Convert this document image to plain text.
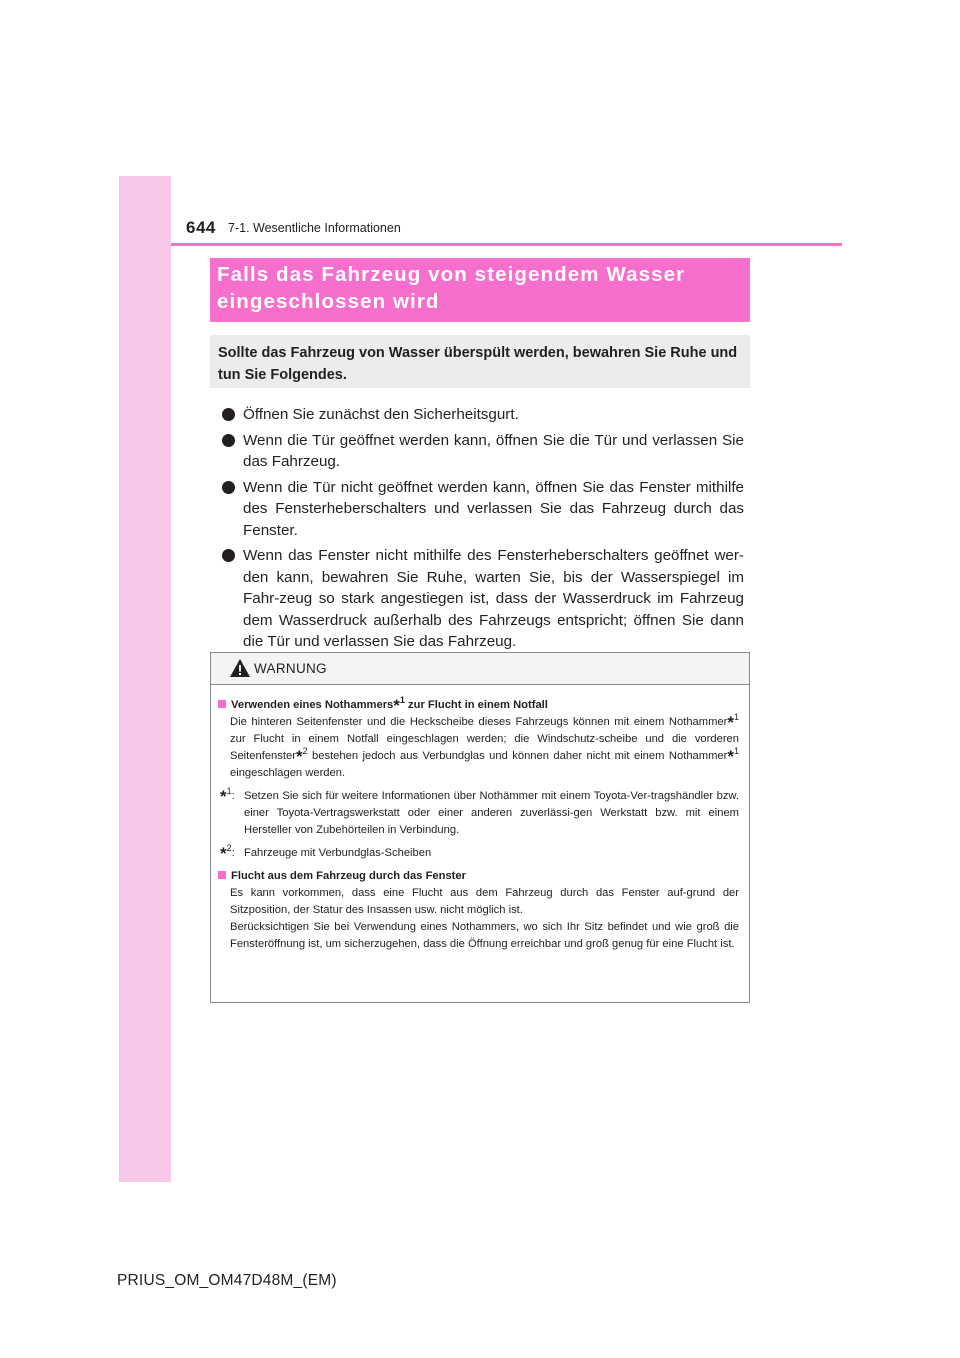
644 7-1. Wesentliche Informationen
Falls das Fahrzeug von steigendem Wasser
eingeschlossen wird
Sollte das Fahrzeug von Wasser überspült werden, bewahren Sie Ruhe und tun Sie Folgendes.
Öffnen Sie zunächst den Sicherheitsgurt.
Wenn die Tür geöffnet werden kann, öffnen Sie die Tür und verlassen Sie das Fahrzeug.
Wenn die Tür nicht geöffnet werden kann, öffnen Sie das Fenster mithilfe des Fensterheberschalters und verlassen Sie das Fahrzeug durch das Fenster.
Wenn das Fenster nicht mithilfe des Fensterheberschalters geöffnet wer-den kann, bewahren Sie Ruhe, warten Sie, bis der Wasserspiegel im Fahr-zeug so stark angestiegen ist, dass der Wasserdruck im Fahrzeug dem Wasserdruck außerhalb des Fahrzeugs entspricht; öffnen Sie dann die Tür und verlassen Sie das Fahrzeug.
WARNUNG
Verwenden eines Nothammers*$^1$ zur Flucht in einem Notfall
Die hinteren Seitenfenster und die Heckscheibe dieses Fahrzeugs können mit einem Nothammer*$^1$ zur Flucht in einem Notfall eingeschlagen werden; die Windschutz-scheibe und die vorderen Seitenfenster*$^2$ bestehen jedoch aus Verbundglas und können daher nicht mit einem Nothammer*$^1$ eingeschlagen werden.
*$^1$: Setzen Sie sich für weitere Informationen über Nothämmer mit einem Toyota-Ver-tragshändler bzw. einer Toyota-Vertragswerkstatt oder einer anderen zuverlässi-gen Werkstatt bzw. mit einem Hersteller von Zubehörteilen in Verbindung.
*$^2$: Fahrzeuge mit Verbundglas-Scheiben
Flucht aus dem Fahrzeug durch das Fenster
Es kann vorkommen, dass eine Flucht aus dem Fahrzeug durch das Fenster auf-grund der Sitzposition, der Statur des Insassen usw. nicht möglich ist.
Berücksichtigen Sie bei Verwendung eines Nothammers, wo sich Ihr Sitz befindet und wie groß die Fensteröffnung ist, um sicherzugehen, dass die Öffnung erreichbar und groß genug für eine Flucht ist.
PRIUS_OM_OM47D48M_(EM)
